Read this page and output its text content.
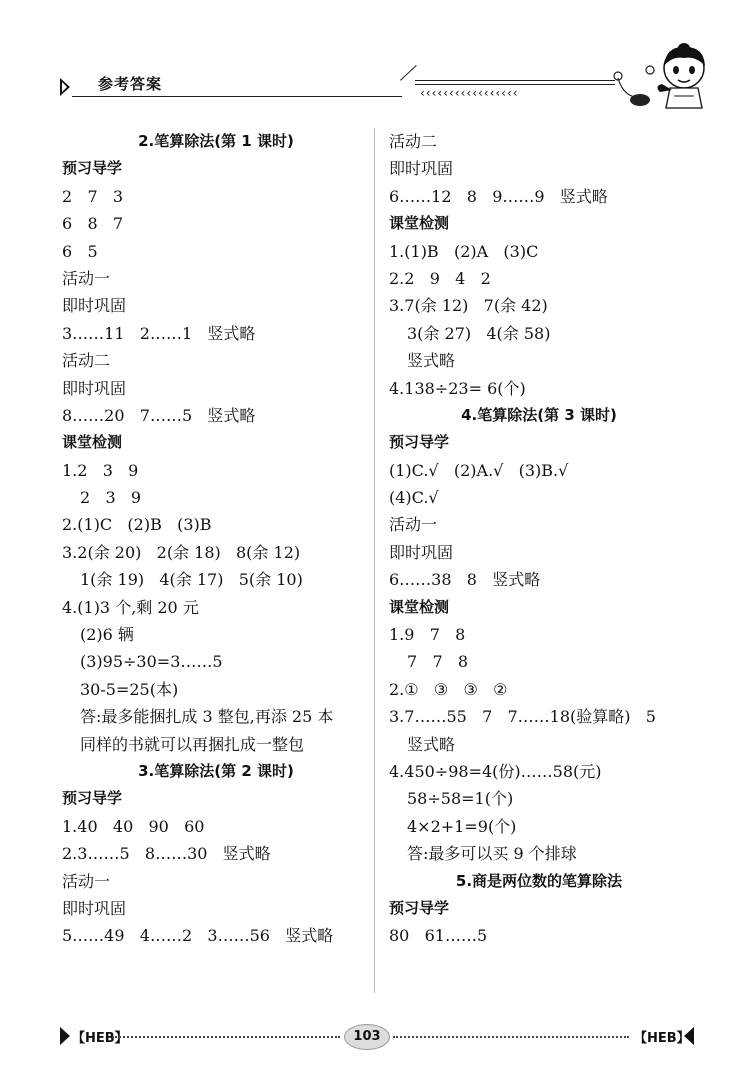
参考答案	‹‹‹‹‹‹‹‹‹‹‹‹‹‹‹‹‹
2.笔算除法(第 1 课时)
预习导学
2   7   3
6   8   7
6   5
活动一
即时巩固
3……11   2……1   竖式略
活动二
即时巩固
8……20   7……5   竖式略
课堂检测
1.2   3   9
2   3   9
2.(1)C   (2)B   (3)B
3.2(余 20)   2(余 18)   8(余 12)
1(余 19)   4(余 17)   5(余 10)
4.(1)3 个,剩 20 元
(2)6 辆
(3)95÷30=3……5
30-5=25(本)
答:最多能捆扎成 3 整包,再添 25 本
同样的书就可以再捆扎成一整包
3.笔算除法(第 2 课时)
预习导学
1.40   40   90   60
2.3……5   8……30   竖式略
活动一
即时巩固
5……49   4……2   3……56   竖式略
活动二
即时巩固
6……12   8   9……9   竖式略
课堂检测
1.(1)B   (2)A   (3)C
2.2   9   4   2
3.7(余 12)   7(余 42)
3(余 27)   4(余 58)
竖式略
4.138÷23= 6(个)
4.笔算除法(第 3 课时)
预习导学
(1)C.√   (2)A.√   (3)B.√
(4)C.√
活动一
即时巩固
6……38   8   竖式略
课堂检测
1.9   7   8
7   7   8
2.①   ③   ③   ②
3.7……55   7   7……18(验算略)   5
竖式略
4.450÷98=4(份)……58(元)
58÷58=1(个)
4×2+1=9(个)
答:最多可以买 9 个排球
5.商是两位数的笔算除法
预习导学
80   61……5
【HEB】	103	【HEB】
